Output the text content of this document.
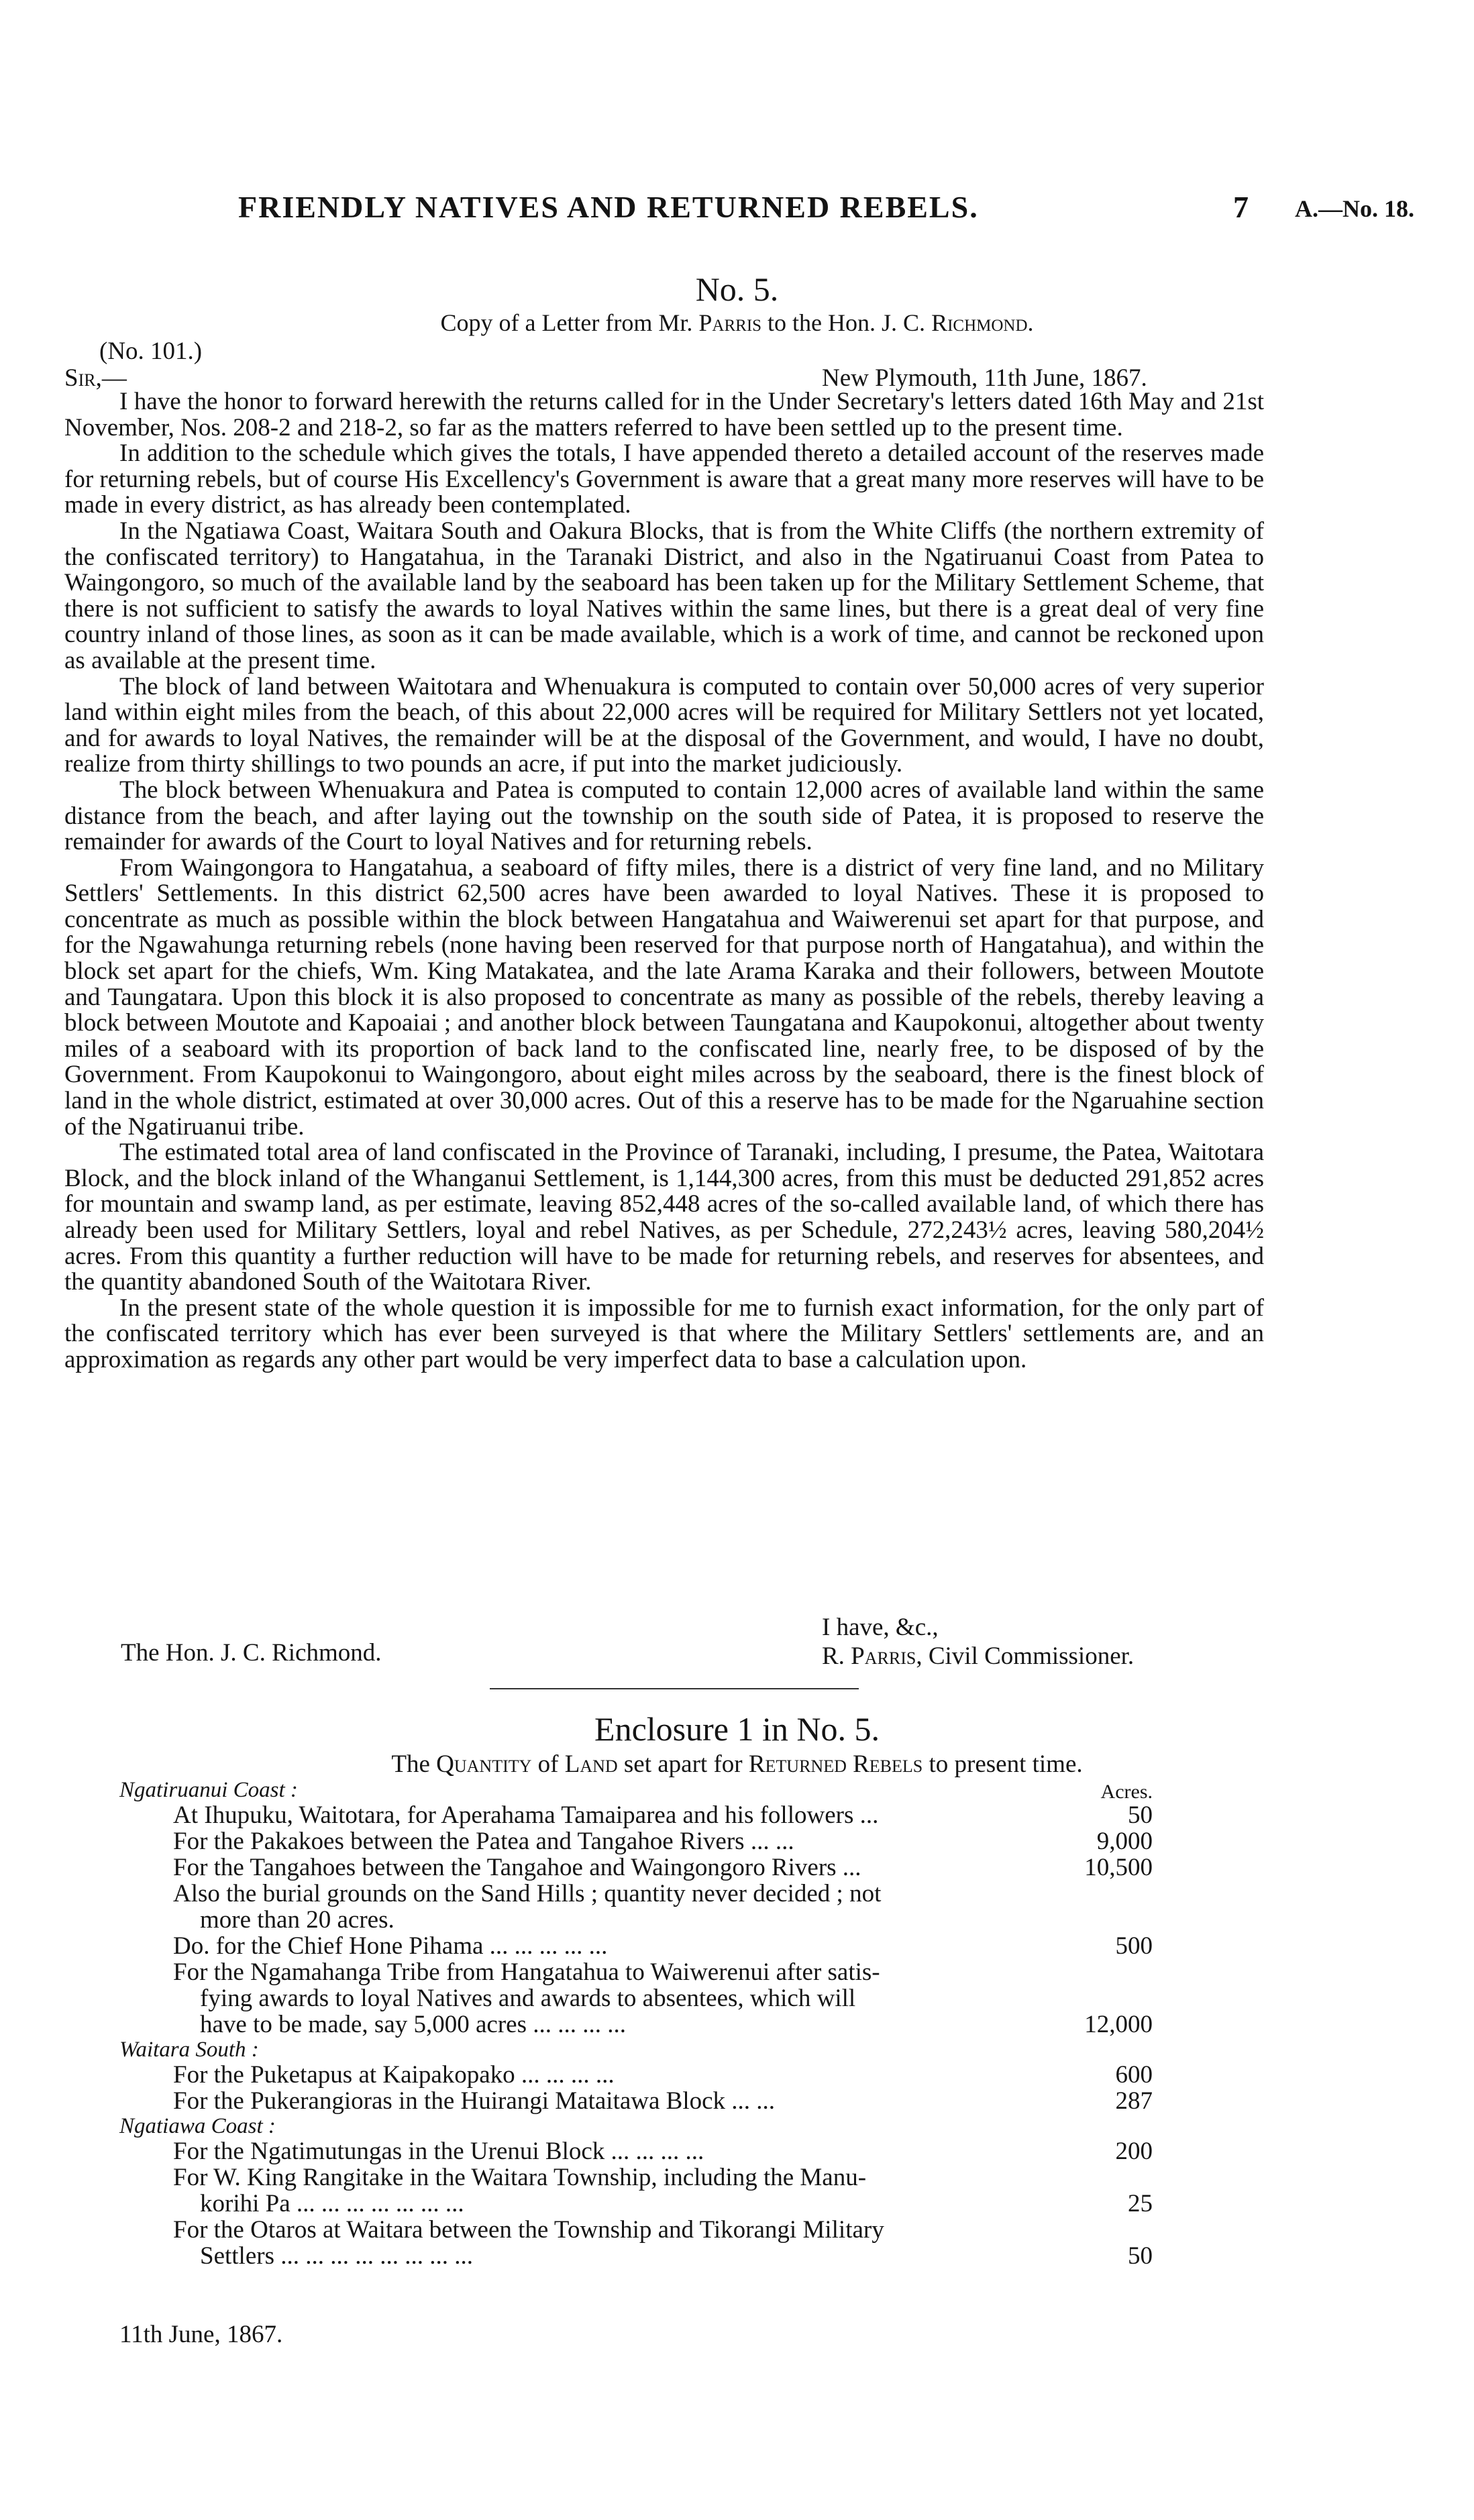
FRIENDLY NATIVES AND RETURNED REBELS.	7 A.—No. 18.
No. 5.
Copy of a Letter from Mr. Parris to the Hon. J. C. Richmond.
(No. 101.)
Sir,—	New Plymouth, 11th June, 1867.

I have the honor to forward herewith the returns called for in the Under Secretary's letters dated 16th May and 21st November, Nos. 208-2 and 218-2, so far as the matters referred to have been settled up to the present time.

In addition to the schedule which gives the totals, I have appended thereto a detailed account of the reserves made for returning rebels, but of course His Excellency's Government is aware that a great many more reserves will have to be made in every district, as has already been contemplated.

In the Ngatiawa Coast, Waitara South and Oakura Blocks, that is from the White Cliffs (the northern extremity of the confiscated territory) to Hangatahua, in the Taranaki District, and also in the Ngatiruanui Coast from Patea to Waingongoro, so much of the available land by the seaboard has been taken up for the Military Settlement Scheme, that there is not sufficient to satisfy the awards to loyal Natives within the same lines, but there is a great deal of very fine country inland of those lines, as soon as it can be made available, which is a work of time, and cannot be reckoned upon as available at the present time.

The block of land between Waitotara and Whenuakura is computed to contain over 50,000 acres of very superior land within eight miles from the beach, of this about 22,000 acres will be required for Military Settlers not yet located, and for awards to loyal Natives, the remainder will be at the disposal of the Government, and would, I have no doubt, realize from thirty shillings to two pounds an acre, if put into the market judiciously.

The block between Whenuakura and Patea is computed to contain 12,000 acres of available land within the same distance from the beach, and after laying out the township on the south side of Patea, it is proposed to reserve the remainder for awards of the Court to loyal Natives and for returning rebels.

From Waingongora to Hangatahua, a seaboard of fifty miles, there is a district of very fine land, and no Military Settlers' Settlements. In this district 62,500 acres have been awarded to loyal Natives. These it is proposed to concentrate as much as possible within the block between Hangatahua and Waiwerenui set apart for that purpose, and for the Ngawahunga returning rebels (none having been reserved for that purpose north of Hangatahua), and within the block set apart for the chiefs, Wm. King Matakatea, and the late Arama Karaka and their followers, between Moutote and Taungatara. Upon this block it is also proposed to concentrate as many as possible of the rebels, thereby leaving a block between Moutote and Kapoaiai ; and another block between Taungatana and Kaupokonui, altogether about twenty miles of a seaboard with its proportion of back land to the confiscated line, nearly free, to be disposed of by the Government. From Kaupokonui to Waingongoro, about eight miles across by the seaboard, there is the finest block of land in the whole district, estimated at over 30,000 acres. Out of this a reserve has to be made for the Ngaruahine section of the Ngatiruanui tribe.

The estimated total area of land confiscated in the Province of Taranaki, including, I presume, the Patea, Waitotara Block, and the block inland of the Whanganui Settlement, is 1,144,300 acres, from this must be deducted 291,852 acres for mountain and swamp land, as per estimate, leaving 852,448 acres of the so-called available land, of which there has already been used for Military Settlers, loyal and rebel Natives, as per Schedule, 272,243½ acres, leaving 580,204½ acres. From this quantity a further reduction will have to be made for returning rebels, and reserves for absentees, and the quantity abandoned South of the Waitotara River.

In the present state of the whole question it is impossible for me to furnish exact information, for the only part of the confiscated territory which has ever been surveyed is that where the Military Settlers' settlements are, and an approximation as regards any other part would be very imperfect data to base a calculation upon.

The Hon. J. C. Richmond.
I have, &c.,
R. Parris, Civil Commissioner.
Enclosure 1 in No. 5.
The Quantity of Land set apart for Returned Rebels to present time.
Acres.
Ngatiruanui Coast :
At Ihupuku, Waitotara, for Aperahama Tamaiparea and his followers ...	50
For the Pakakoes between the Patea and Tangahoe Rivers ... ...	9,000
For the Tangahoes between the Tangahoe and Waingongoro Rivers ...	10,500
Also the burial grounds on the Sand Hills ; quantity never decided ; not
more than 20 acres.
Do. for the Chief Hone Pihama ... ... ... ... ...	500
For the Ngamahanga Tribe from Hangatahua to Waiwerenui after satis-
fying awards to loyal Natives and awards to absentees, which will
have to be made, say 5,000 acres ... ... ... ...	12,000
Waitara South :
For the Puketapus at Kaipakopako ... ... ... ...	600
For the Pukerangioras in the Huirangi Mataitawa Block ... ...	287
Ngatiawa Coast :
For the Ngatimutungas in the Urenui Block ... ... ... ...	200
For W. King Rangitake in the Waitara Township, including the Manu-
korihi Pa ... ... ... ... ... ... ...	25
For the Otaros at Waitara between the Township and Tikorangi Military
Settlers ... ... ... ... ... ... ... ...	50
11th June, 1867.
